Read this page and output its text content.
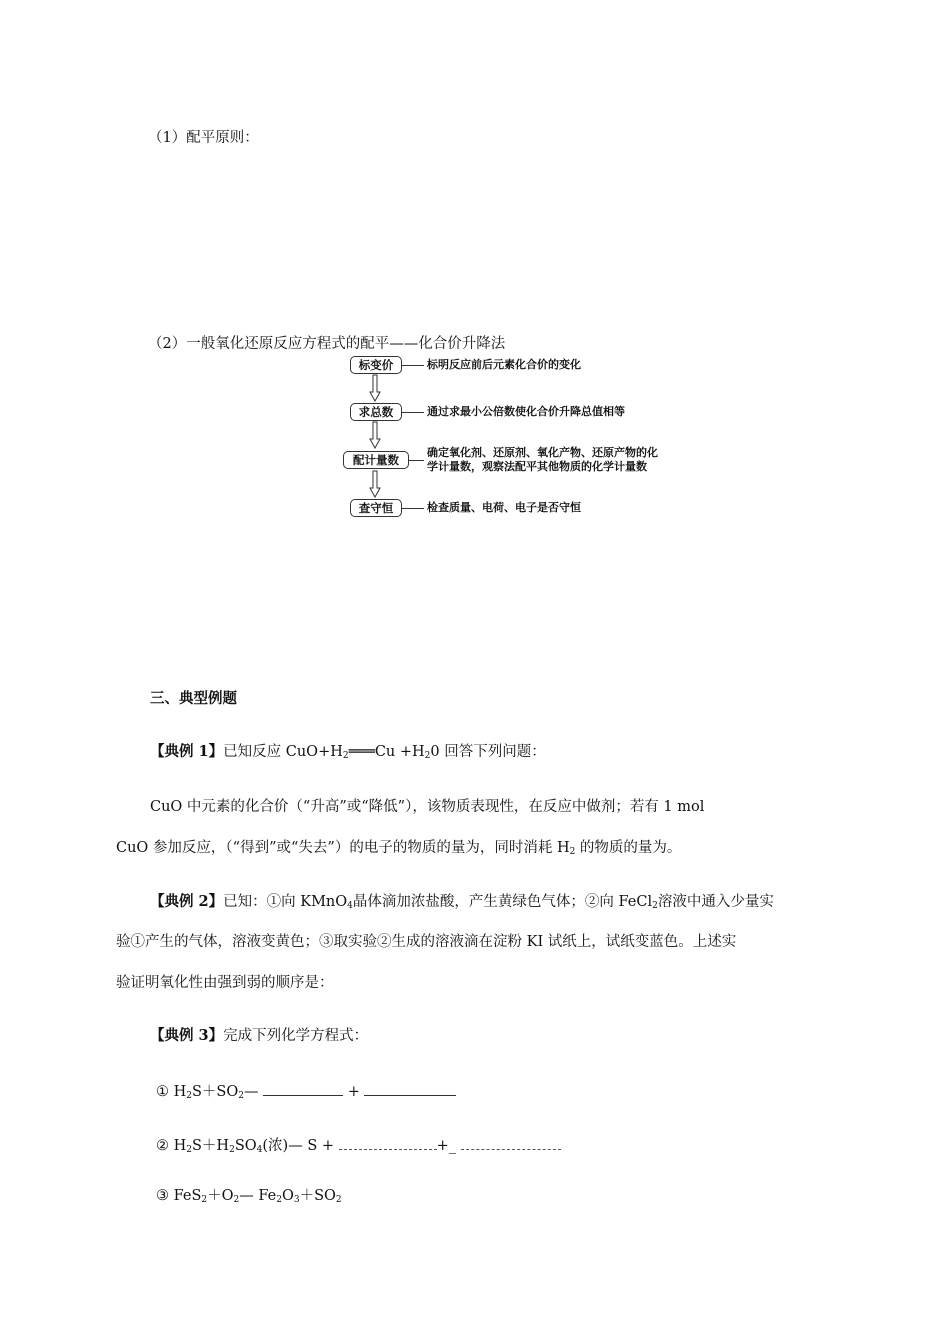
（1）配平原则：
（2）一般氧化还原反应方程式的配平——化合价升降法
标变价	标明反应前后元素化合价的变化
求总数	通过求最小公倍数使化合价升降总值相等
配计量数
确定氧化剂、还原剂、氧化产物、还原产物的化
学计量数，观察法配平其他物质的化学计量数
查守恒	检查质量、电荷、电子是否守恒
三、典型例题
【典例 1】已知反应 $CuO+H_2═══Cu +H_20$ 回答下列问题：
CuO 中元素的化合价（“升高”或“降低”），该物质表现性，在反应中做剂；若有 1 mol
CuO 参加反应，（“得到”或“失去”）的电子的物质的量为，同时消耗 $H_2$ 的物质的量为。
【典例 2】已知：①向 KMnO$_4$晶体滴加浓盐酸，产生黄绿色气体；②向 FeCl$_2$溶液中通入少量实
验①产生的气体，溶液变黄色；③取实验②生成的溶液滴在淀粉 KI 试纸上，试纸变蓝色。上述实
验证明氧化性由强到弱的顺序是：
【典例 3】完成下列化学方程式：
① $H_2S+SO_2—$	+
② $H_2S+H_2SO_4$(浓)— S +	+_
③ $FeS_2+O_2—$ $Fe_2O_3+SO_2$
